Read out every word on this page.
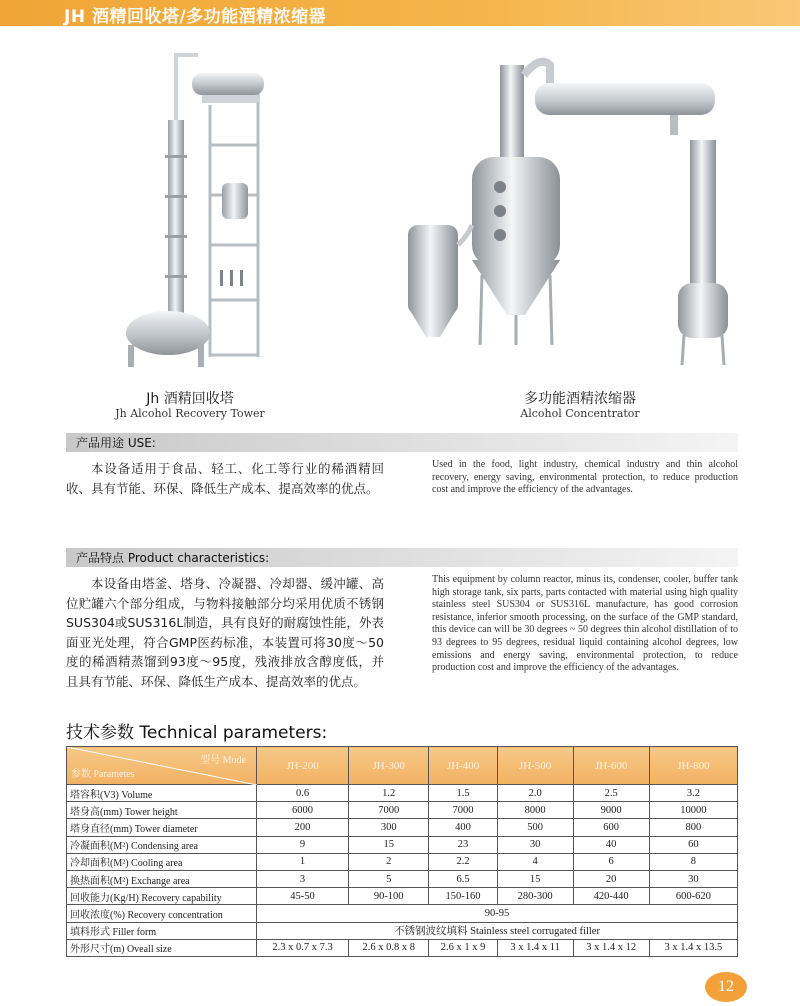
JH 酒精回收塔/多功能酒精浓缩器
Jh 酒精回收塔
Jh Alcohol Recovery Tower
多功能酒精浓缩器
Alcohol Concentrator
产品用途 USE:
本设备适用于食品、轻工、化工等行业的稀酒精回收、具有节能、环保、降低生产成本、提高效率的优点。
Used in the food, light industry, chemical industry and thin alcohol recovery, energy saving, environmental protection, to reduce production cost and improve the efficiency of the advantages.
产品特点 Product characteristics:
本设备由塔釜、塔身、冷凝器、冷却器、缓冲罐、高位贮罐六个部分组成，与物料接触部分均采用优质不锈钢SUS304或SUS316L制造，具有良好的耐腐蚀性能，外表面亚光处理，符合GMP医药标准，本装置可将30度～50度的稀酒精蒸馏到93度～95度，残液排放含醇度低，并且具有节能、环保、降低生产成本、提高效率的优点。
This equipment by column reactor, minus its, condenser, cooler, buffer tank high storage tank, six parts, parts contacted with material using high quality stainless steel SUS304 or SUS316L manufacture, has good corrosion resistance, inferior smooth processing, on the surface of the GMP standard, this device can will be 30 degrees ~ 50 degrees thin alcohol distillation of to 93 degrees to 95 degrees, residual liquid containing alcohol degrees, low emissions and energy saving, environmental protection, to reduce production cost and improve the efficiency of the advantages.
技术参数 Technical parameters:
型号 Mode
参数 Parametes	JH-200	JH-300	JH-400	JH-500	JH-600	JH-800
塔容积(V3) Volume	0.6	1.2	1.5	2.0	2.5	3.2
塔身高(mm) Tower height	6000	7000	7000	8000	9000	10000
塔身直径(mm) Tower diameter	200	300	400	500	600	800
冷凝面积(M²) Condensing area	9	15	23	30	40	60
冷却面积(M²) Cooling area	1	2	2.2	4	6	8
换热面积(M²) Exchange area	3	5	6.5	15	20	30
回收能力(Kg/H) Recovery capability	45-50	90-100	150-160	280-300	420-440	600-620
回收浓度(%) Recovery concentration	90-95					
填料形式 Filler form	不锈钢波纹填料 Stainless steel corrugated filler					
外形尺寸(m) Oveall size	2.3 x 0.7 x 7.3	2.6 x 0.8 x 8	2.6 x 1 x 9	3 x 1.4 x 11	3 x 1.4 x 12	3 x 1.4 x 13.5
12
